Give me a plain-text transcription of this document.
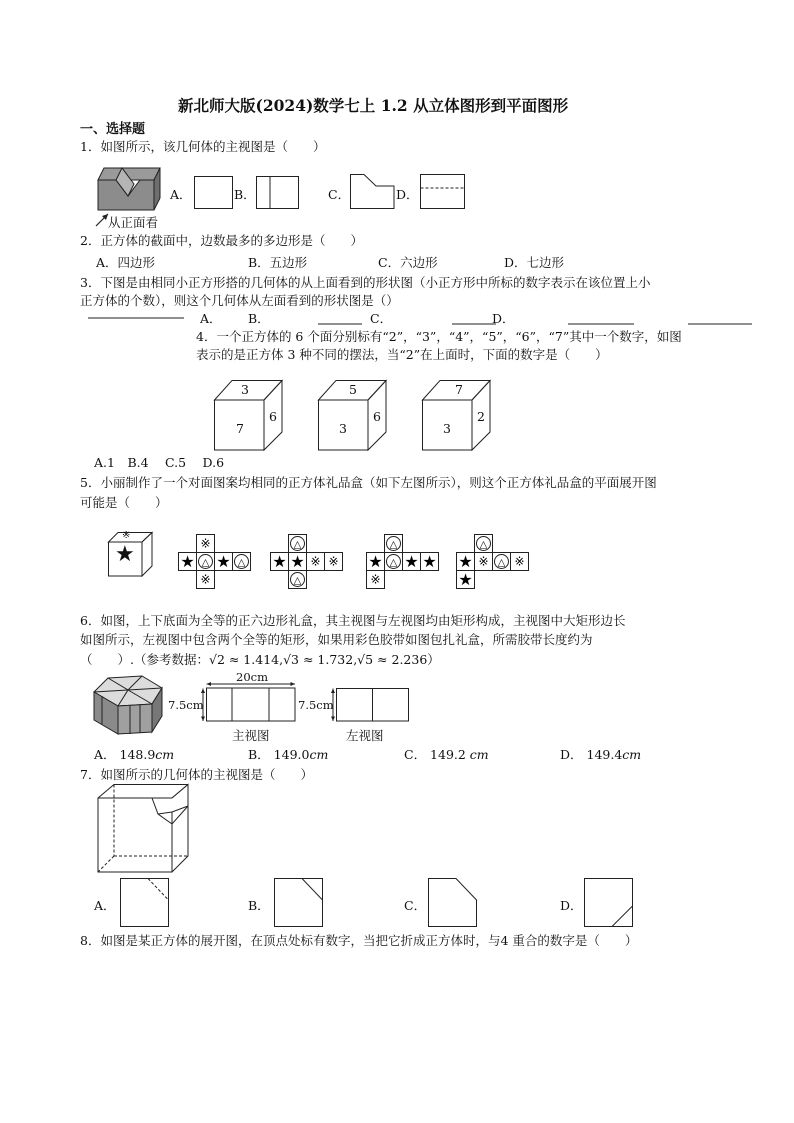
新北师大版(2024)数学七上 1.2 从立体图形到平面图形
一、选择题
1．如图所示，该几何体的主视图是（　　）
从正面看
A．	B．	C．	D．
2．正方体的截面中，边数最多的多边形是（　　）
A．四边形	B．五边形	C．六边形	D．七边形
3．下图是由相同小正方形搭的几何体的从上面看到的形状图（小正方形中所标的数字表示在该位置上小
正方体的个数），则这个几何体从左面看到的形状图是（）
A． B．	C．	D．
4．一个正方体的 6 个面分别标有“2”，“3”，“4”，“5”，“6”，“7”其中一个数字，如图
表示的是正方体 3 种不同的摆法，当“2”在上面时，下面的数字是（　　）
3
7
6
5
3
6
7
3
2
A.1　B.4　 C.5　 D.6
5．小丽制作了一个对面图案均相同的正方体礼品盒（如下左图所示），则这个正方体礼品盒的平面展开图
可能是（　　）
★
※
※
★ △ ★ △
※
△
★ ★ ※ ※
△
△
★ △ ★ ★
※
△
★ ※ △ ※
★
6．如图，上下底面为全等的正六边形礼盒，其主视图与左视图均由矩形构成，主视图中大矩形边长
如图所示，左视图中包含两个全等的矩形，如果用彩色胶带如图包扎礼盒，所需胶带长度约为
（　　）.（参考数据：√2 ≈ 1.414,√3 ≈ 1.732,√5 ≈ 2.236）
20cm
7.5cm
主视图
7.5cm
左视图
A． 148.9𝑐𝑚	B． 149.0𝑐𝑚	C． 149.2 𝑐𝑚	D． 149.4𝑐𝑚
7．如图所示的几何体的主视图是（　　）
A．	B．	C．	D．
8．如图是某正方体的展开图，在顶点处标有数字，当把它折成正方体时，与4 重合的数字是（　　）
